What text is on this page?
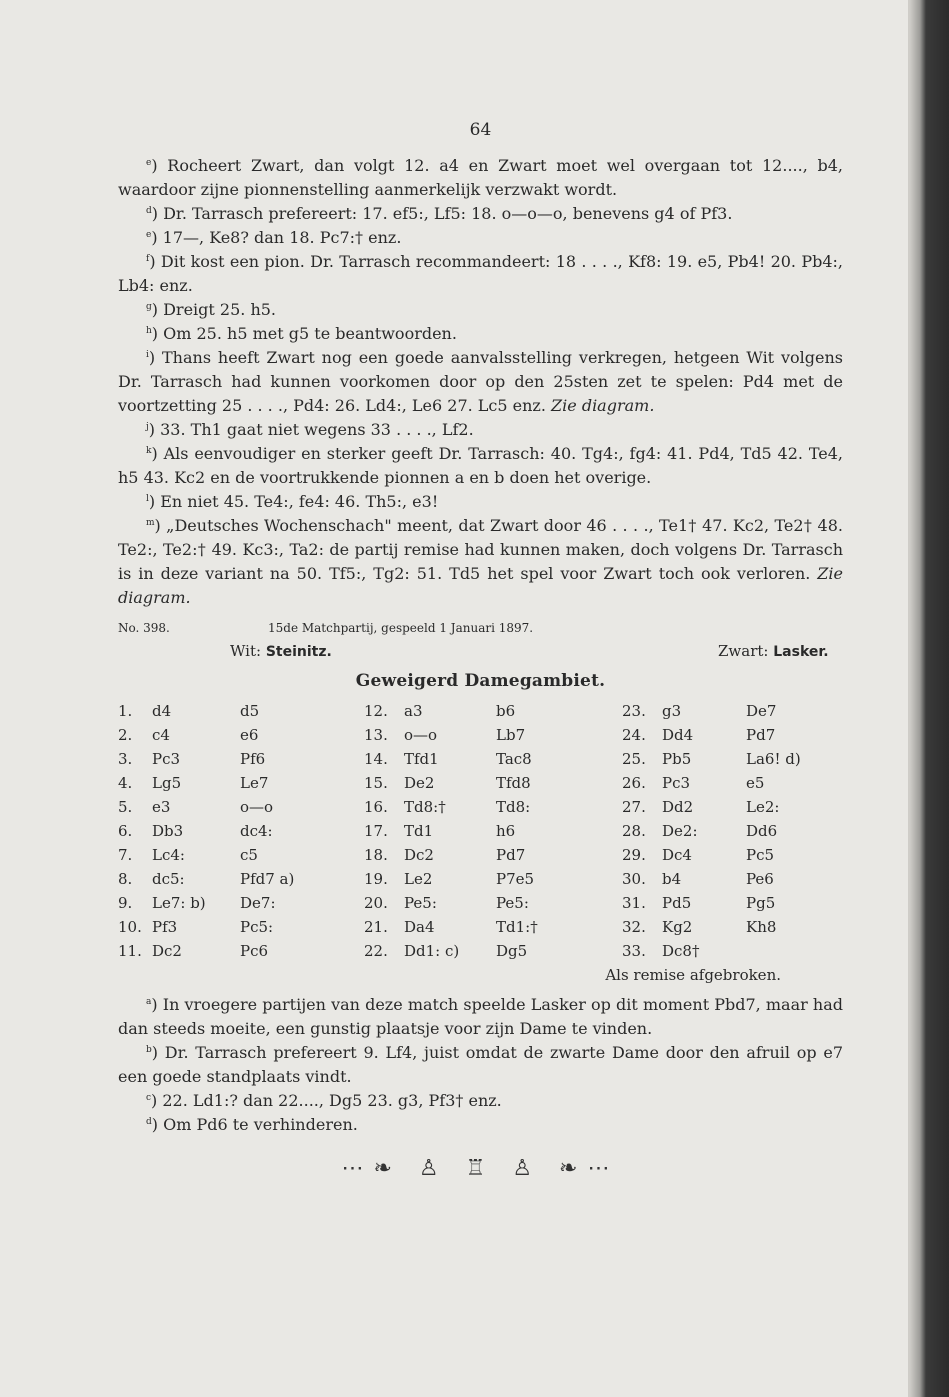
64

$^e$) Rocheert Zwart, dan volgt 12. a4 en Zwart moet wel overgaan tot 12...., b4, waardoor zijne pionnenstelling aanmerkelijk verzwakt wordt.

$^d$) Dr. Tarrasch prefereert: 17. ef5:, Lf5: 18. o—o—o, benevens g4 of Pf3.

$^e$) 17—, Ke8? dan 18. Pc7:† enz.

$^f$) Dit kost een pion. Dr. Tarrasch recommandeert: 18 . . . ., Kf8: 19. e5, Pb4! 20. Pb4:, Lb4: enz.

$^g$) Dreigt 25. h5.

$^h$) Om 25. h5 met g5 te beantwoorden.

$^i$) Thans heeft Zwart nog een goede aanvalsstelling verkregen, hetgeen Wit volgens Dr. Tarrasch had kunnen voorkomen door op den 25sten zet te spelen: Pd4 met de voortzetting 25 . . . ., Pd4: 26. Ld4:, Le6 27. Lc5 enz. Zie diagram.

$^j$) 33. Th1 gaat niet wegens 33 . . . ., Lf2.

$^k$) Als eenvoudiger en sterker geeft Dr. Tarrasch: 40. Tg4:, fg4: 41. Pd4, Td5 42. Te4, h5 43. Kc2 en de voortrukkende pionnen a en b doen het overige.

$^l$) En niet 45. Te4:, fe4: 46. Th5:, e3!

$^m$) „Deutsches Wochenschach" meent, dat Zwart door 46 . . . ., Te1† 47. Kc2, Te2† 48. Te2:, Te2:† 49. Kc3:, Ta2: de partij remise had kunnen maken, doch volgens Dr. Tarrasch is in deze variant na 50. Tf5:, Tg2: 51. Td5 het spel voor Zwart toch ook verloren. Zie diagram.

No. 398.	15de Matchpartij, gespeeld 1 Januari 1897.
Wit: Steinitz.	Zwart: Lasker.
Geweigerd Damegambiet.
1.	d4	d5
2.	c4	e6
3.	Pc3	Pf6
4.	Lg5	Le7
5.	e3	o—o
6.	Db3	dc4:
7.	Lc4:	c5
8.	dc5:	Pfd7 a)
9.	Le7: b)	De7:
10. Pf3	Pc5:
11. Dc2	Pc6
12.	a3	b6
13.	o—o	Lb7
14.	Tfd1	Tac8
15.	De2	Tfd8
16.	Td8:†	Td8:
17.	Td1	h6
18.	Dc2	Pd7
19.	Le2	P7e5
20.	Pe5:	Pe5:
21.	Da4	Td1:†
22.	Dd1: c)	Dg5
23.	g3	De7
24.	Dd4	Pd7
25.	Pb5	La6! d)
26.	Pc3	e5
27.	Dd2	Le2:
28.	De2:	Dd6
29.	Dc4	Pc5
30.	b4	Pe6
31.	Pd5	Pg5
32.	Kg2	Kh8
33.	Dc8†
Als remise afgebroken.

$^a$) In vroegere partijen van deze match speelde Lasker op dit moment Pbd7, maar had dan steeds moeite, een gunstig plaatsje voor zijn Dame te vinden.

$^b$) Dr. Tarrasch prefereert 9. Lf4, juist omdat de zwarte Dame door den afruil op e7 een goede standplaats vindt.

$^c$) 22. Ld1:? dan 22...., Dg5 23. g3, Pf3† enz.

$^d$) Om Pd6 te verhinderen.

⋯❧ ♙ ♖ ♙ ❧⋯
